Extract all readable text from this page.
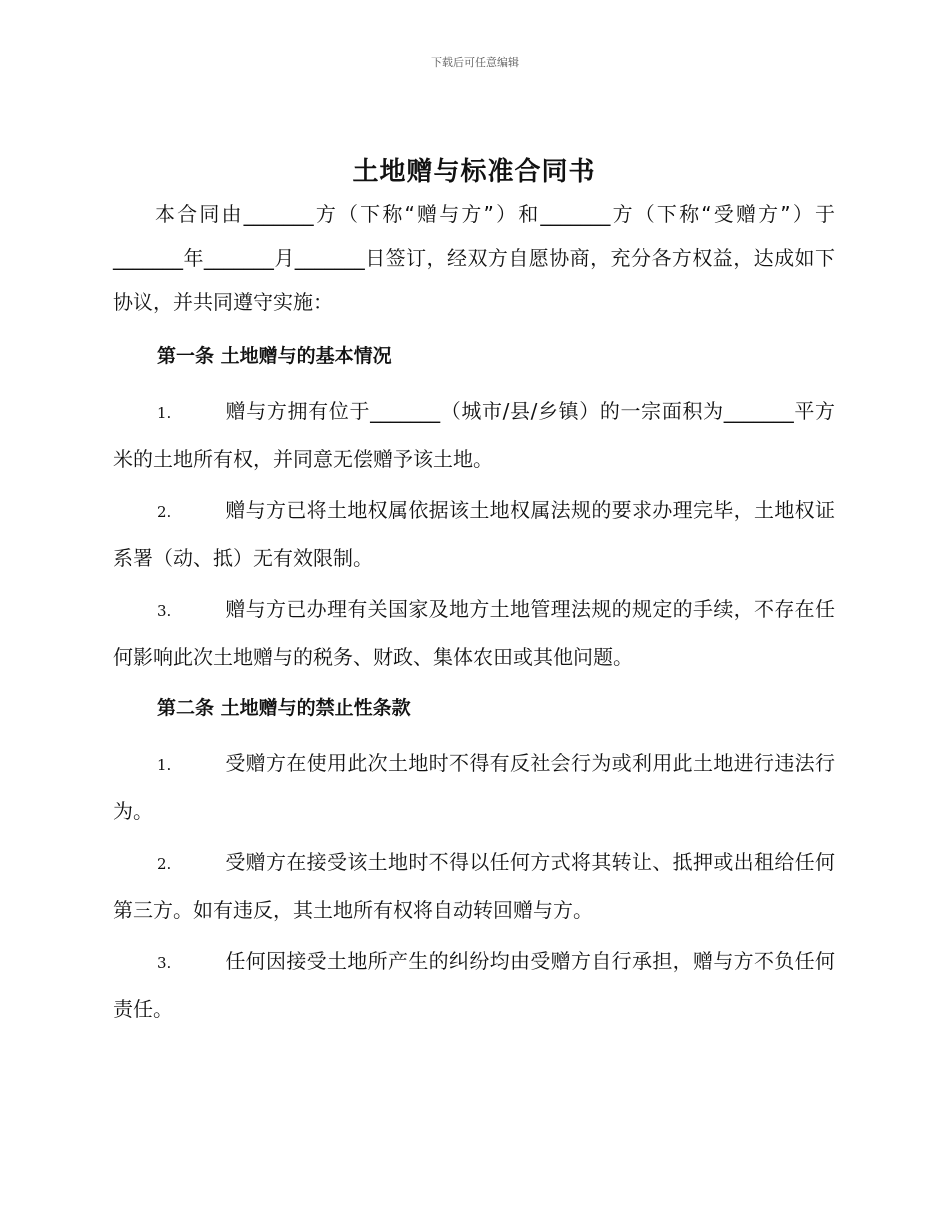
下载后可任意编辑
土地赠与标准合同书
本合同由_______方（下称“赠与方”）和_______方（下称“受赠方”）于_______年_______月_______日签订，经双方自愿协商，充分各方权益，达成如下协议，并共同遵守实施：
第一条 土地赠与的基本情况
1.	赠与方拥有位于_______（城市/县/乡镇）的一宗面积为_______平方米的土地所有权，并同意无偿赠予该土地。
2.	赠与方已将土地权属依据该土地权属法规的要求办理完毕，土地权证系署（动、抵）无有效限制。
3.	赠与方已办理有关国家及地方土地管理法规的规定的手续，不存在任何影响此次土地赠与的税务、财政、集体农田或其他问题。
第二条 土地赠与的禁止性条款
1.	受赠方在使用此次土地时不得有反社会行为或利用此土地进行违法行为。
2.	受赠方在接受该土地时不得以任何方式将其转让、抵押或出租给任何第三方。如有违反，其土地所有权将自动转回赠与方。
3.	任何因接受土地所产生的纠纷均由受赠方自行承担，赠与方不负任何责任。
